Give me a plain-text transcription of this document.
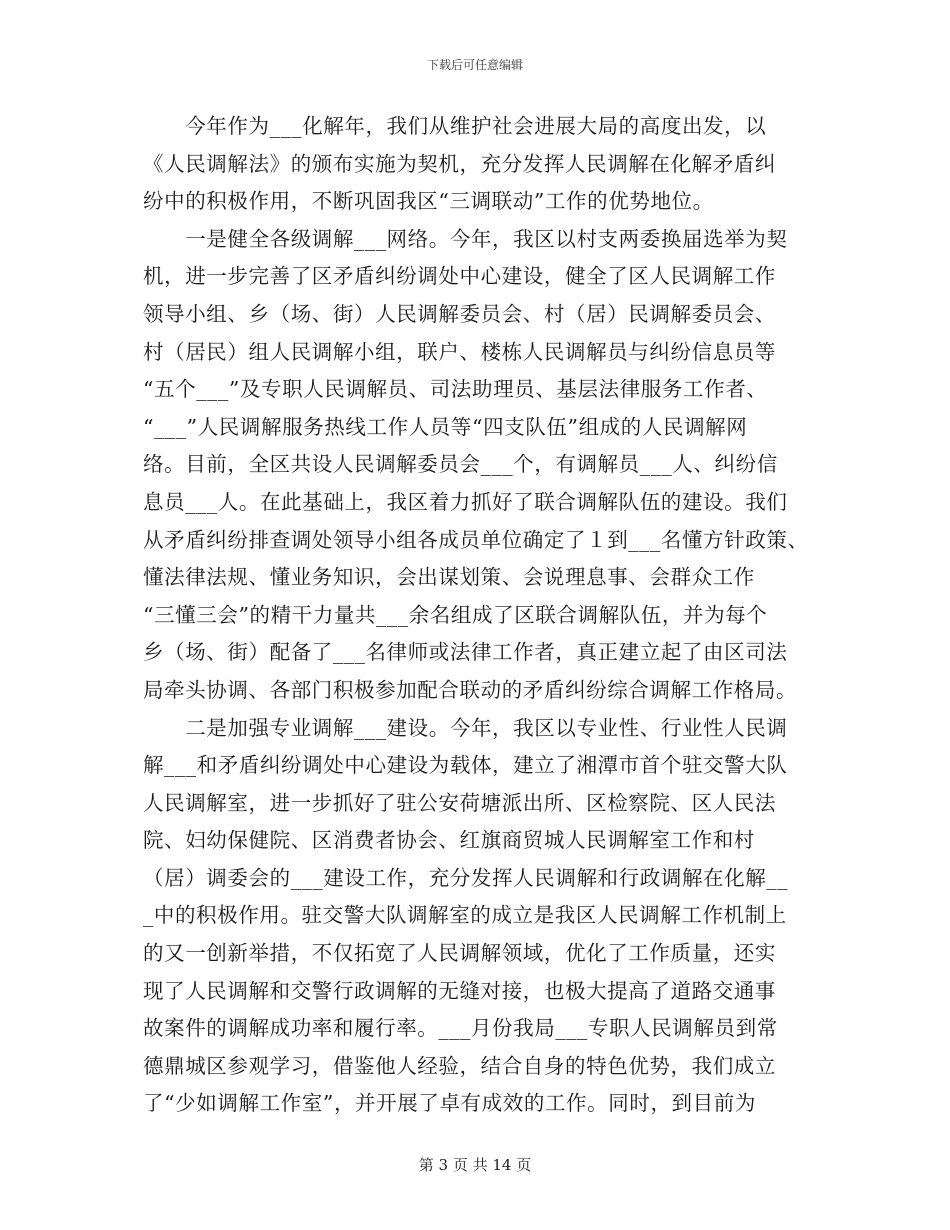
下载后可任意编辑
　　今年作为___化解年，我们从维护社会进展大局的高度出发，以
《人民调解法》的颁布实施为契机，充分发挥人民调解在化解矛盾纠
纷中的积极作用，不断巩固我区“三调联动”工作的优势地位。
　　一是健全各级调解___网络。今年，我区以村支两委换届选举为契
机，进一步完善了区矛盾纠纷调处中心建设，健全了区人民调解工作
领导小组、乡（场、街）人民调解委员会、村（居）民调解委员会、
村（居民）组人民调解小组，联户、楼栋人民调解员与纠纷信息员等
“五个___”及专职人民调解员、司法助理员、基层法律服务工作者、
“___”人民调解服务热线工作人员等“四支队伍”组成的人民调解网
络。目前，全区共设人民调解委员会___个，有调解员___人、纠纷信
息员___人。在此基础上，我区着力抓好了联合调解队伍的建设。我们
从矛盾纠纷排查调处领导小组各成员单位确定了１到___名懂方针政策、
懂法律法规、懂业务知识，会出谋划策、会说理息事、会群众工作
“三懂三会”的精干力量共___余名组成了区联合调解队伍，并为每个
乡（场、街）配备了___名律师或法律工作者，真正建立起了由区司法
局牵头协调、各部门积极参加配合联动的矛盾纠纷综合调解工作格局。
　　二是加强专业调解___建设。今年，我区以专业性、行业性人民调
解___和矛盾纠纷调处中心建设为载体，建立了湘潭市首个驻交警大队
人民调解室，进一步抓好了驻公安荷塘派出所、区检察院、区人民法
院、妇幼保健院、区消费者协会、红旗商贸城人民调解室工作和村
（居）调委会的___建设工作，充分发挥人民调解和行政调解在化解__
_中的积极作用。驻交警大队调解室的成立是我区人民调解工作机制上
的又一创新举措，不仅拓宽了人民调解领域，优化了工作质量，还实
现了人民调解和交警行政调解的无缝对接，也极大提高了道路交通事
故案件的调解成功率和履行率。___月份我局___专职人民调解员到常
德鼎城区参观学习，借鉴他人经验，结合自身的特色优势，我们成立
了“少如调解工作室”，并开展了卓有成效的工作。同时，到目前为
第 3 页 共 14 页
